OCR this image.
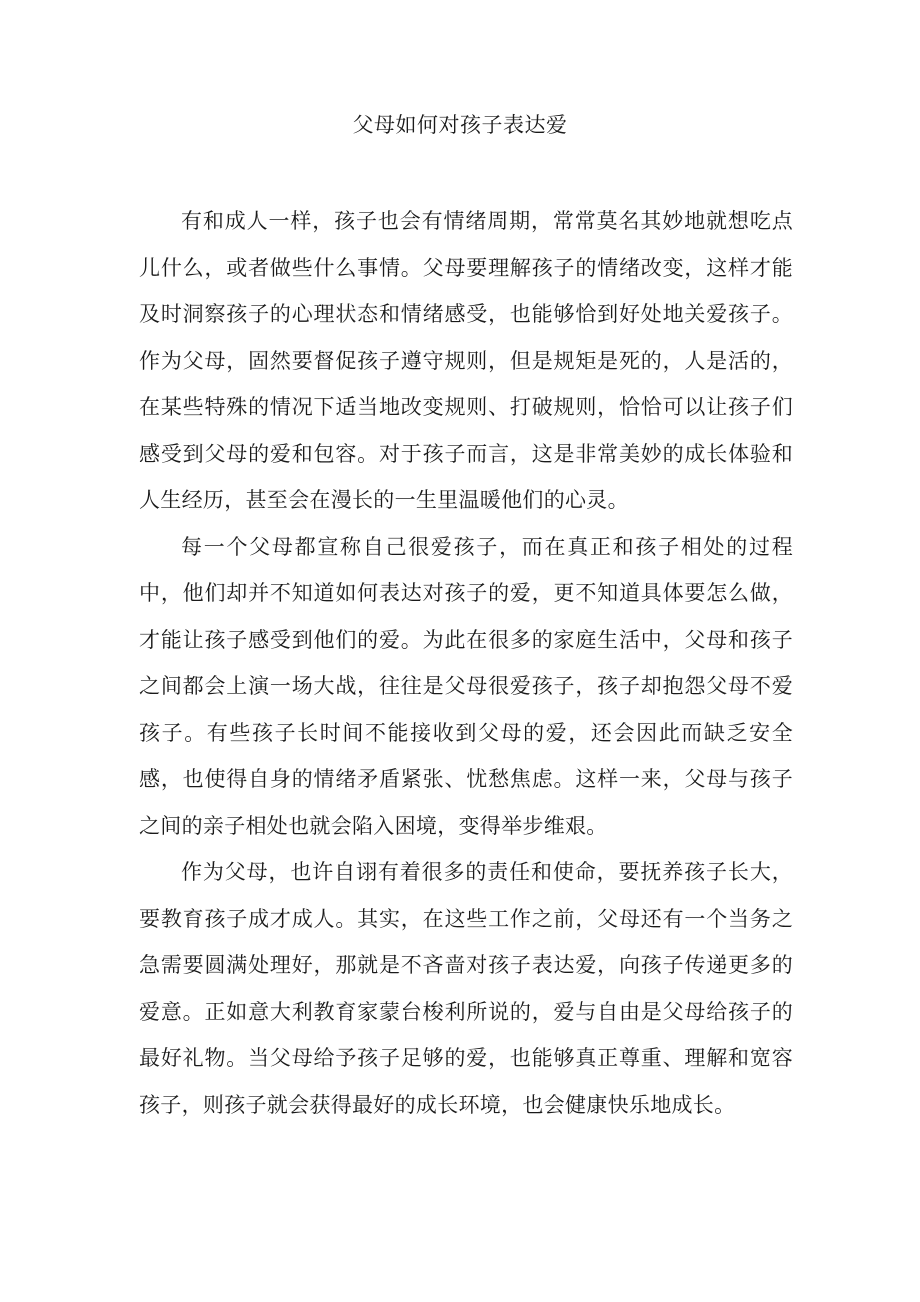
父母如何对孩子表达爱

有和成人一样，孩子也会有情绪周期，常常莫名其妙地就想吃点儿什么，或者做些什么事情。父母要理解孩子的情绪改变，这样才能及时洞察孩子的心理状态和情绪感受，也能够恰到好处地关爱孩子。作为父母，固然要督促孩子遵守规则，但是规矩是死的，人是活的，在某些特殊的情况下适当地改变规则、打破规则，恰恰可以让孩子们感受到父母的爱和包容。对于孩子而言，这是非常美妙的成长体验和人生经历，甚至会在漫长的一生里温暖他们的心灵。

每一个父母都宣称自己很爱孩子，而在真正和孩子相处的过程中，他们却并不知道如何表达对孩子的爱，更不知道具体要怎么做，才能让孩子感受到他们的爱。为此在很多的家庭生活中，父母和孩子之间都会上演一场大战，往往是父母很爱孩子，孩子却抱怨父母不爱孩子。有些孩子长时间不能接收到父母的爱，还会因此而缺乏安全感，也使得自身的情绪矛盾紧张、忧愁焦虑。这样一来，父母与孩子之间的亲子相处也就会陷入困境，变得举步维艰。

作为父母，也许自诩有着很多的责任和使命，要抚养孩子长大，要教育孩子成才成人。其实，在这些工作之前，父母还有一个当务之急需要圆满处理好，那就是不吝啬对孩子表达爱，向孩子传递更多的爱意。正如意大利教育家蒙台梭利所说的，爱与自由是父母给孩子的最好礼物。当父母给予孩子足够的爱，也能够真正尊重、理解和宽容孩子，则孩子就会获得最好的成长环境，也会健康快乐地成长。
